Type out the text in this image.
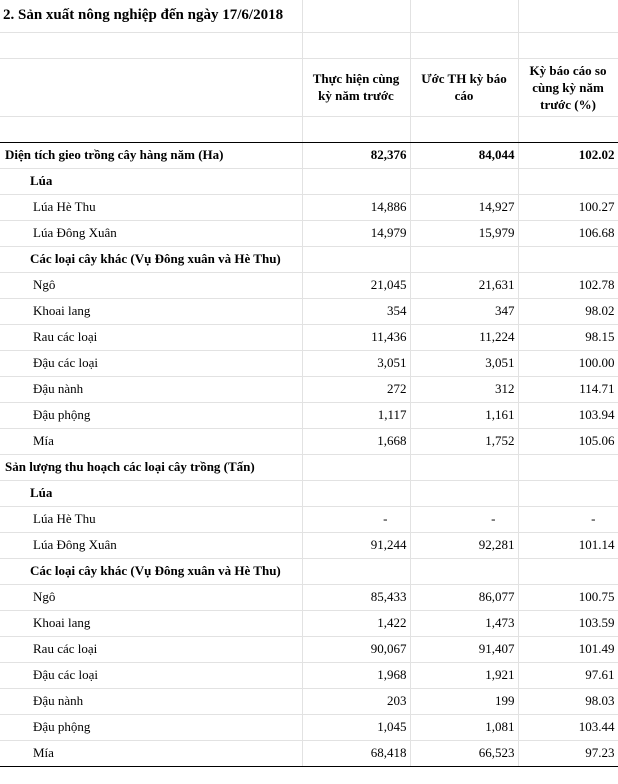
2. Sản xuất nông nghiệp đến ngày 17/6/2018				

		Thực hiện cùng kỳ năm trước	Ước TH kỳ báo cáo	Kỳ báo cáo so cùng kỳ năm trước (%)

Diện tích gieo trồng cây hàng năm (Ha)		82,376	84,044	102.02
	Lúa			
	Lúa Hè Thu	14,886	14,927	100.27
	Lúa Đông Xuân	14,979	15,979	106.68
	Các loại cây khác (Vụ Đông xuân và Hè Thu)			
	Ngô	21,045	21,631	102.78
	Khoai lang	354	347	98.02
	Rau các loại	11,436	11,224	98.15
	Đậu các loại	3,051	3,051	100.00
	Đậu nành	272	312	114.71
	Đậu phộng	1,117	1,161	103.94
	Mía	1,668	1,752	105.06
Sản lượng thu hoạch các loại cây trồng (Tấn)				
	Lúa			
	Lúa Hè Thu	-	-	-
	Lúa Đông Xuân	91,244	92,281	101.14
	Các loại cây khác (Vụ Đông xuân và Hè Thu)			
	Ngô	85,433	86,077	100.75
	Khoai lang	1,422	1,473	103.59
	Rau các loại	90,067	91,407	101.49
	Đậu các loại	1,968	1,921	97.61
	Đậu nành	203	199	98.03
	Đậu phộng	1,045	1,081	103.44
	Mía	68,418	66,523	97.23
